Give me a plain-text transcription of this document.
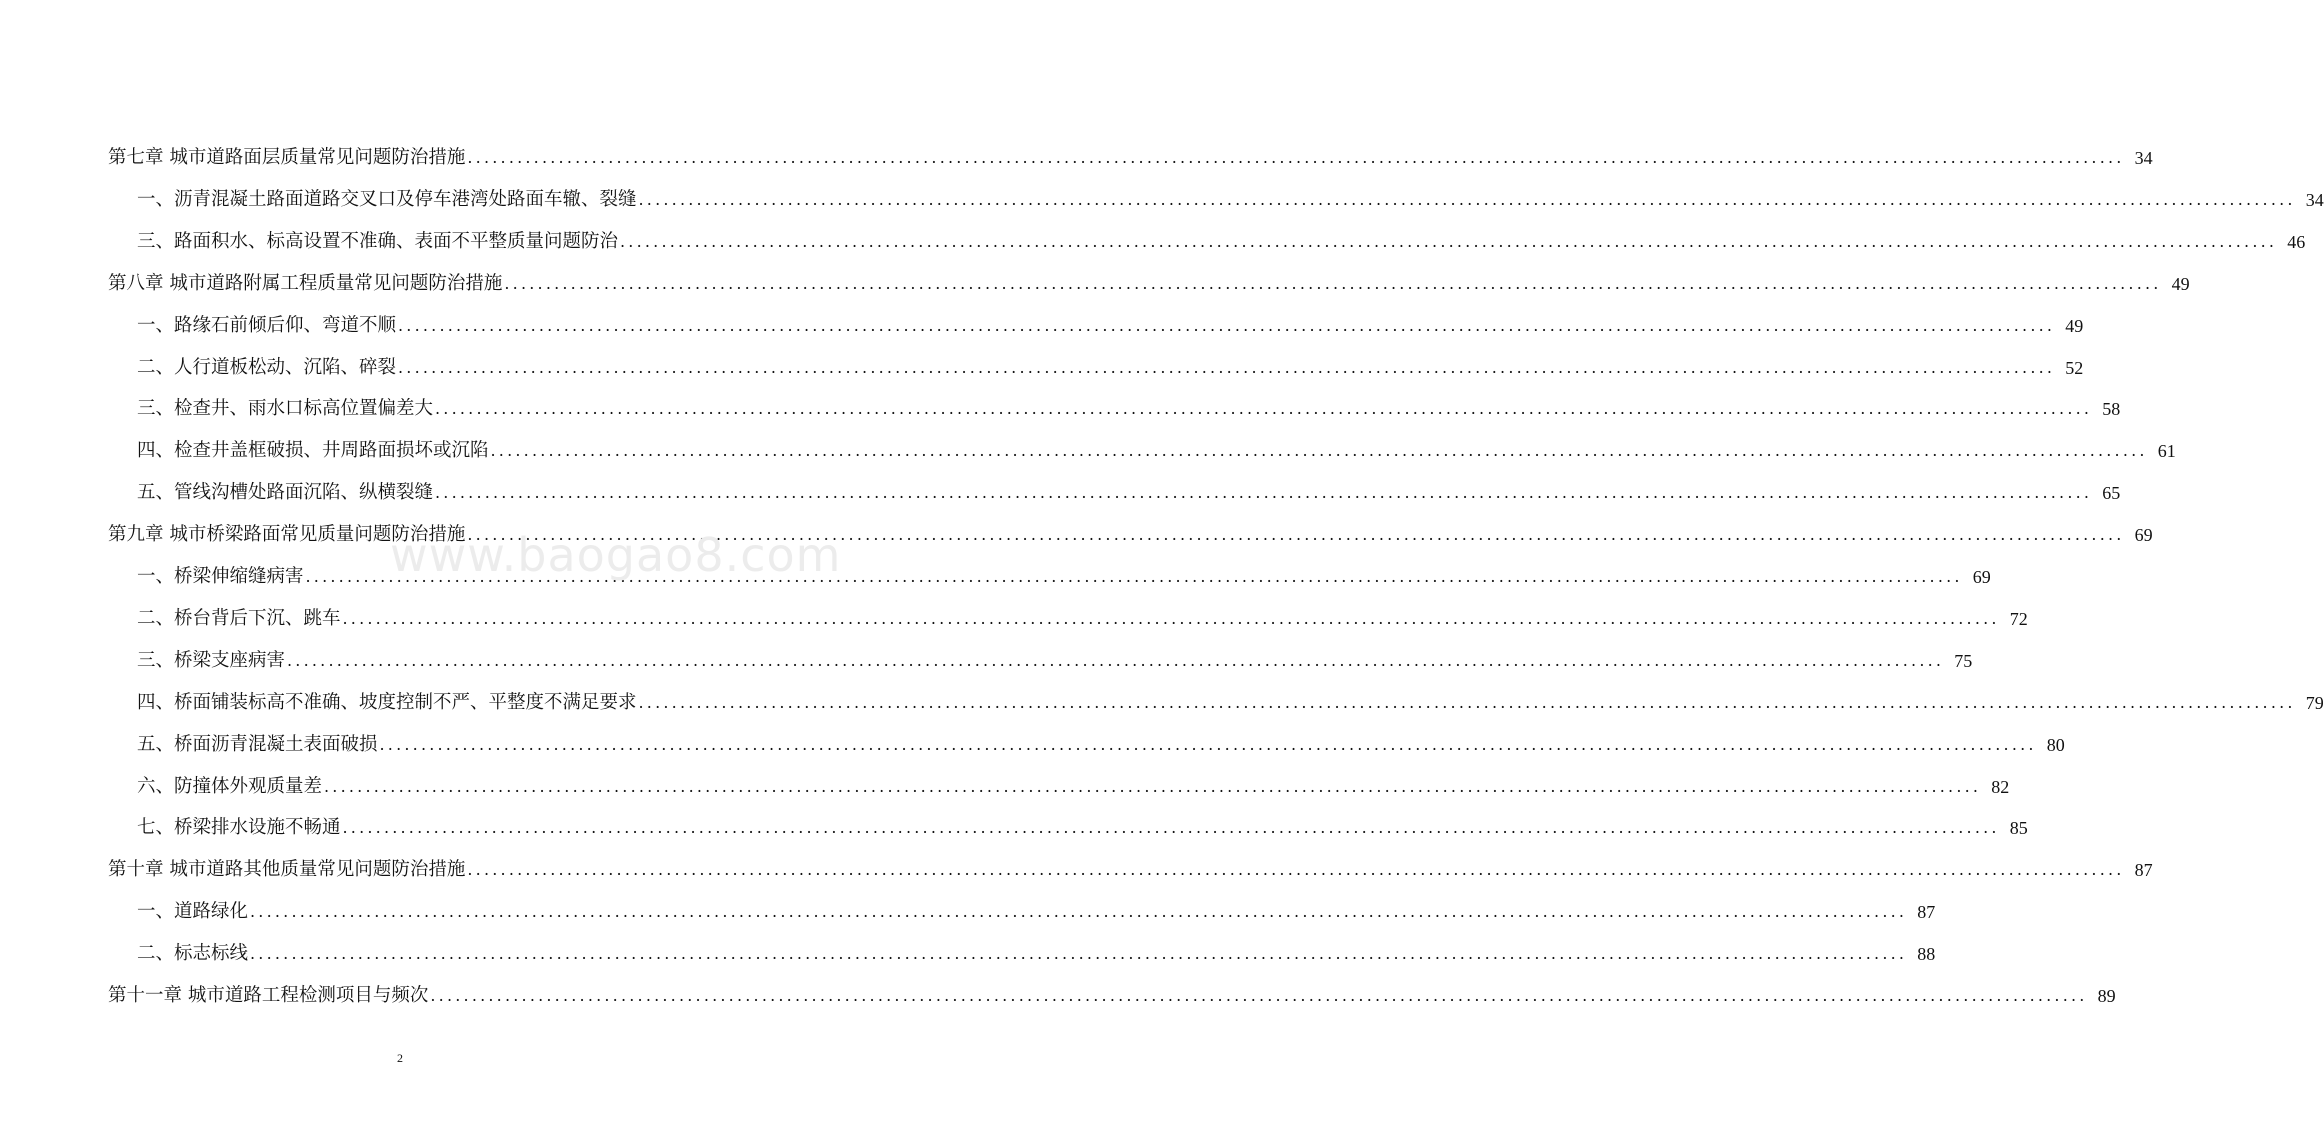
第七章 城市道路面层质量常见问题防治措施 ........................................................................................................................................................................................................ 34
一、沥青混凝土路面道路交叉口及停车港湾处路面车辙、裂缝 ........................................................................................................................................................................................................ 34
三、路面积水、标高设置不准确、表面不平整质量问题防治 ........................................................................................................................................................................................................ 46
第八章 城市道路附属工程质量常见问题防治措施 ........................................................................................................................................................................................................ 49
一、路缘石前倾后仰、弯道不顺 ........................................................................................................................................................................................................ 49
二、人行道板松动、沉陷、碎裂 ........................................................................................................................................................................................................ 52
三、检查井、雨水口标高位置偏差大 ........................................................................................................................................................................................................ 58
四、检查井盖框破损、井周路面损坏或沉陷 ........................................................................................................................................................................................................ 61
五、管线沟槽处路面沉陷、纵横裂缝 ........................................................................................................................................................................................................ 65
第九章 城市桥梁路面常见质量问题防治措施 ........................................................................................................................................................................................................ 69
一、桥梁伸缩缝病害 ........................................................................................................................................................................................................ 69
二、桥台背后下沉、跳车 ........................................................................................................................................................................................................ 72
三、桥梁支座病害 ........................................................................................................................................................................................................ 75
四、桥面铺装标高不准确、坡度控制不严、平整度不满足要求 ........................................................................................................................................................................................................ 79
五、桥面沥青混凝土表面破损 ........................................................................................................................................................................................................ 80
六、防撞体外观质量差 ........................................................................................................................................................................................................ 82
七、桥梁排水设施不畅通 ........................................................................................................................................................................................................ 85
第十章 城市道路其他质量常见问题防治措施 ........................................................................................................................................................................................................ 87
一、道路绿化 ........................................................................................................................................................................................................ 87
二、标志标线 ........................................................................................................................................................................................................ 88
第十一章 城市道路工程检测项目与频次 ........................................................................................................................................................................................................ 89
www.baogao8.com
2
